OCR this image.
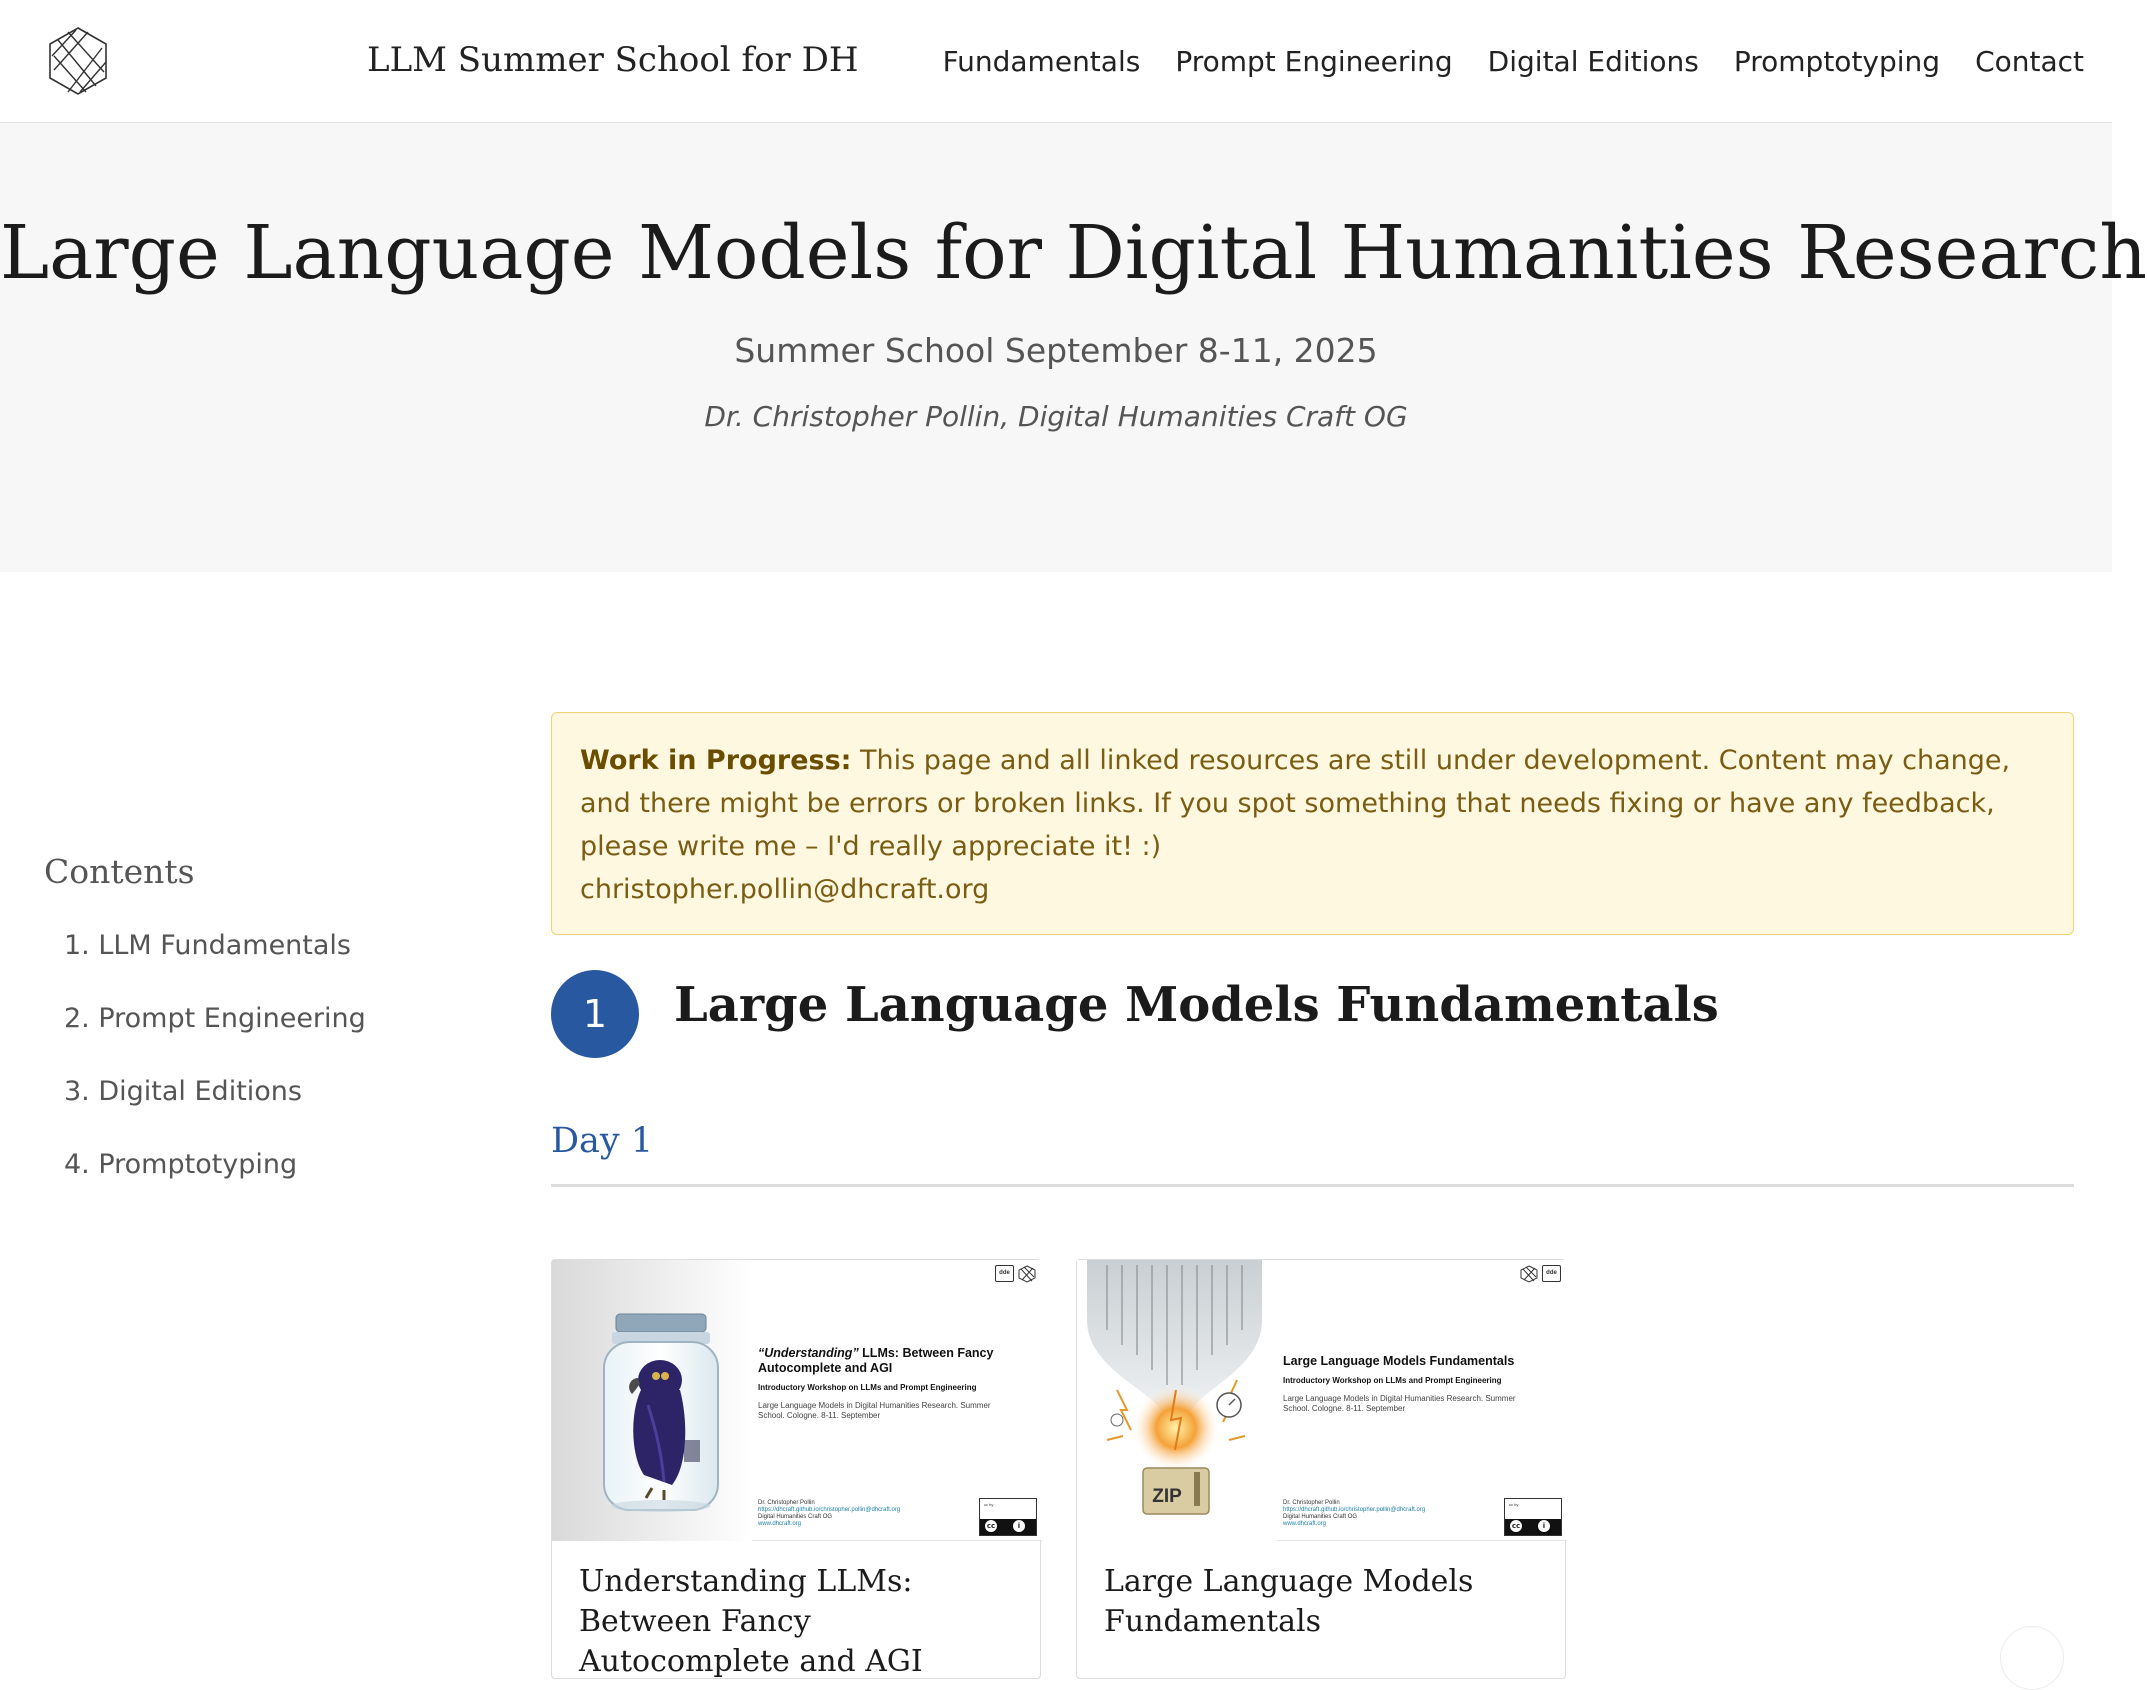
LLM Summer School for DH	Fundamentals Prompt Engineering Digital Editions Promptotyping Contact
Large Language Models for Digital Humanities Research
Summer School September 8-11, 2025
Dr. Christopher Pollin, Digital Humanities Craft OG
Contents
1. LLM Fundamentals
2. Prompt Engineering
3. Digital Editions
4. Promptotyping
Work in Progress: This page and all linked resources are still under development. Content may change, and there might be errors or broken links. If you spot something that needs fixing or have any feedback, please write me – I'd really appreciate it! :)
christopher.pollin@dhcraft.org
1	Large Language Models Fundamentals
Day 1
dde
“Understanding” LLMs: Between Fancy Autocomplete and AGI
Introductory Workshop on LLMs and Prompt Engineering
Large Language Models in Digital Humanities Research. Summer School. Cologne. 8-11. September
Dr. Christopher Pollin
https://dhcraft.github.io/christopher.pollin@dhcraft.org
Digital Humanities Craft OG
www.dhcraft.org
cc by
cc	i
Understanding LLMs: Between Fancy Autocomplete and AGI
ZIP
dde
Large Language Models Fundamentals
Introductory Workshop on LLMs and Prompt Engineering
Large Language Models in Digital Humanities Research. Summer School. Cologne. 8-11. September
Dr. Christopher Pollin
https://dhcraft.github.io/christopher.pollin@dhcraft.org
Digital Humanities Craft OG
www.dhcraft.org
cc by
cc	i
Large Language Models Fundamentals
